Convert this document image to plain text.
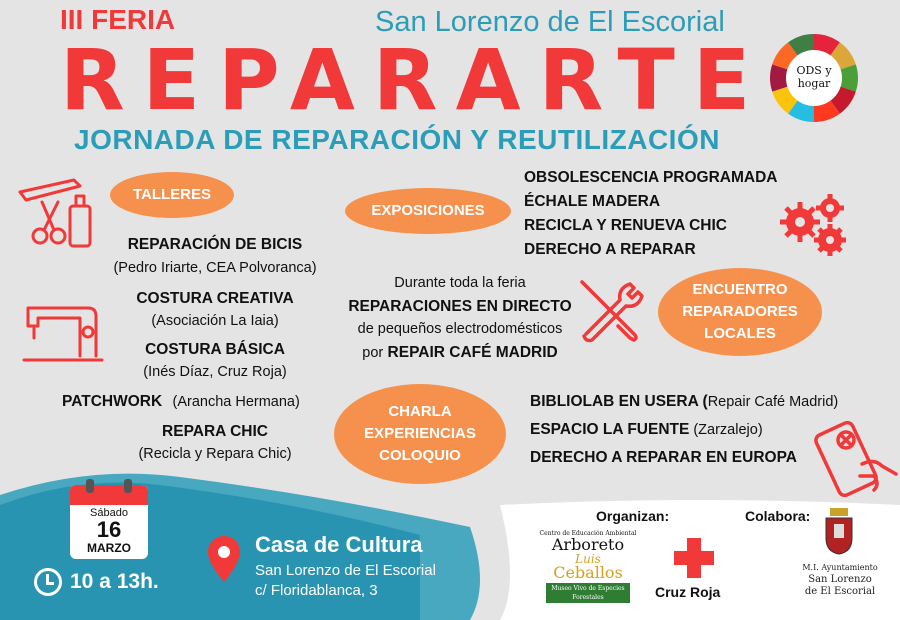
III FERIA	San Lorenzo de El Escorial
REPARARTE
JORNADA DE REPARACIÓN Y REUTILIZACIÓN
ODS y hogar
TALLERES
REPARACIÓN DE BICIS
(Pedro Iriarte, CEA Polvoranca)
COSTURA CREATIVA
(Asociación La Iaia)
COSTURA BÁSICA
(Inés Díaz, Cruz Roja)
PATCHWORK (Arancha Hermana)
REPARA CHIC
(Recicla y Repara Chic)
EXPOSICIONES
OBSOLESCENCIA PROGRAMADA
ÉCHALE MADERA
RECICLA Y RENUEVA CHIC
DERECHO A REPARAR
Durante toda la feria
REPARACIONES EN DIRECTO
de pequeños electrodomésticos
por REPAIR CAFÉ MADRID
ENCUENTRO
REPARADORES
LOCALES
CHARLA
EXPERIENCIAS
COLOQUIO
BIBLIOLAB EN USERA (Repair Café Madrid)
ESPACIO LA FUENTE (Zarzalejo)
DERECHO A REPARAR EN EUROPA
Sábado
16
MARZO
10 a 13h.
Casa de Cultura
San Lorenzo de El Escorial
c/ Floridablanca, 3
Organizan:	Colabora:
Centro de Educación Ambiental
Arboreto
Luis
Ceballos
Museo Vivo de Especies Forestales	Cruz Roja
M.I. Ayuntamiento
San Lorenzo
de El Escorial
